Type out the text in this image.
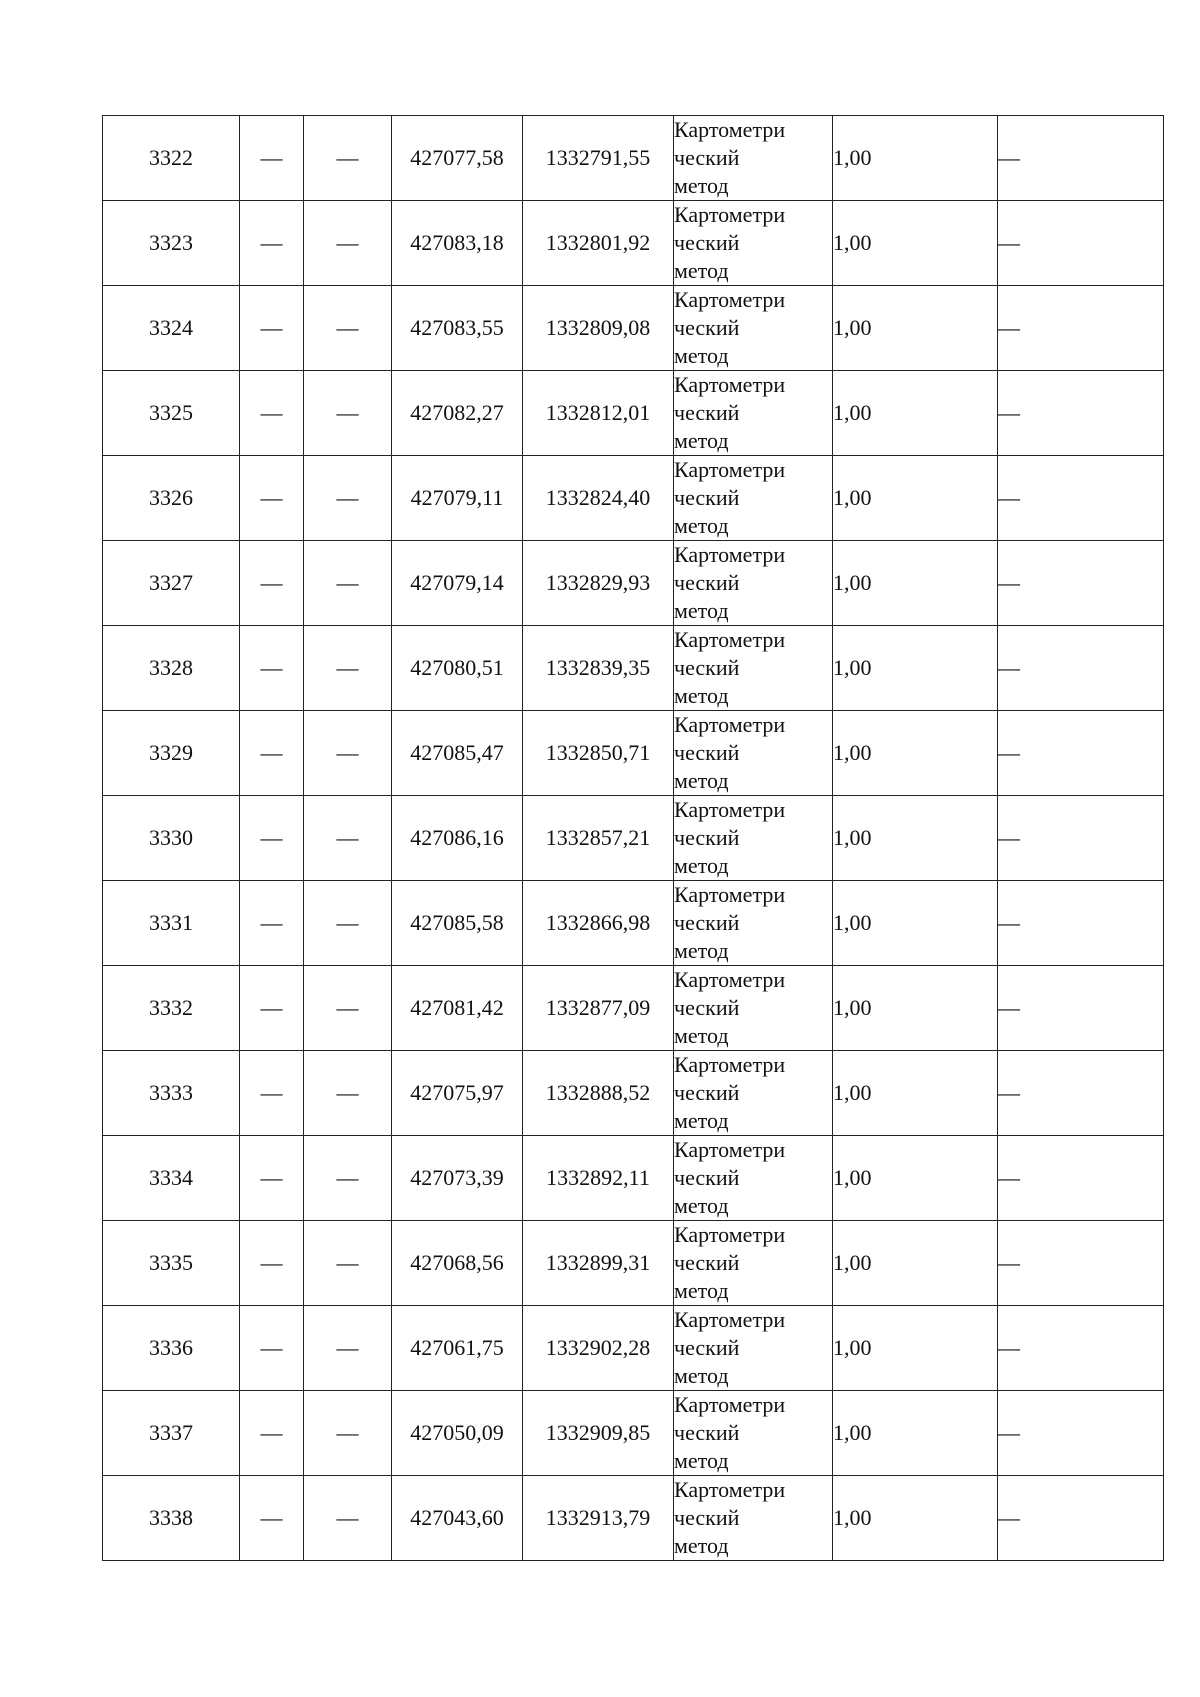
3322	—	—	427077,58	1332791,55	Картометри
ческий
метод	1,00	—
3323	—	—	427083,18	1332801,92	Картометри
ческий
метод	1,00	—
3324	—	—	427083,55	1332809,08	Картометри
ческий
метод	1,00	—
3325	—	—	427082,27	1332812,01	Картометри
ческий
метод	1,00	—
3326	—	—	427079,11	1332824,40	Картометри
ческий
метод	1,00	—
3327	—	—	427079,14	1332829,93	Картометри
ческий
метод	1,00	—
3328	—	—	427080,51	1332839,35	Картометри
ческий
метод	1,00	—
3329	—	—	427085,47	1332850,71	Картометри
ческий
метод	1,00	—
3330	—	—	427086,16	1332857,21	Картометри
ческий
метод	1,00	—
3331	—	—	427085,58	1332866,98	Картометри
ческий
метод	1,00	—
3332	—	—	427081,42	1332877,09	Картометри
ческий
метод	1,00	—
3333	—	—	427075,97	1332888,52	Картометри
ческий
метод	1,00	—
3334	—	—	427073,39	1332892,11	Картометри
ческий
метод	1,00	—
3335	—	—	427068,56	1332899,31	Картометри
ческий
метод	1,00	—
3336	—	—	427061,75	1332902,28	Картометри
ческий
метод	1,00	—
3337	—	—	427050,09	1332909,85	Картометри
ческий
метод	1,00	—
3338	—	—	427043,60	1332913,79	Картометри
ческий
метод	1,00	—
